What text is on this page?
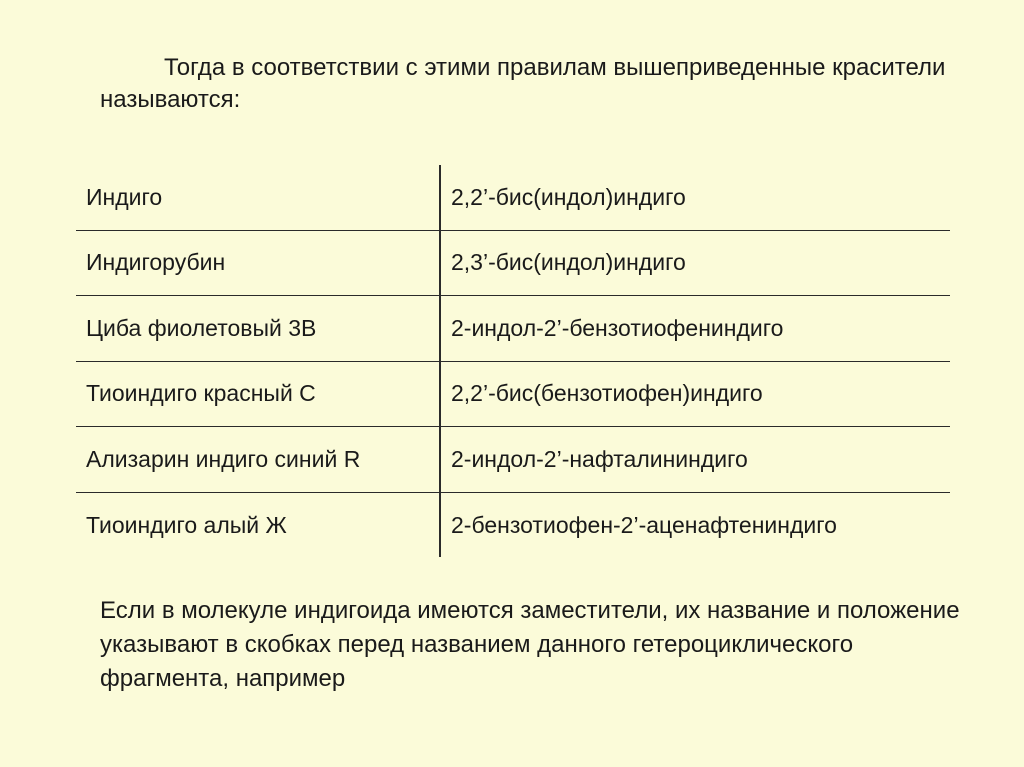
Тогда в соответствии с этими правилам вышеприведенные красители называются:

Индиго	2,2’-бис(индол)индиго
Индигорубин	2,3’-бис(индол)индиго
Циба фиолетовый 3В	2-индол-2’-бензотиофениндиго
Тиоиндиго красный С	2,2’-бис(бензотиофен)индиго
Ализарин индиго синий R	2-индол-2’-нафталининдиго
Тиоиндиго алый Ж	2-бензотиофен-2’-аценафтениндиго

Если в молекуле индигоида имеются заместители, их название и положение указывают в скобках перед названием данного гетероциклического фрагмента, например
